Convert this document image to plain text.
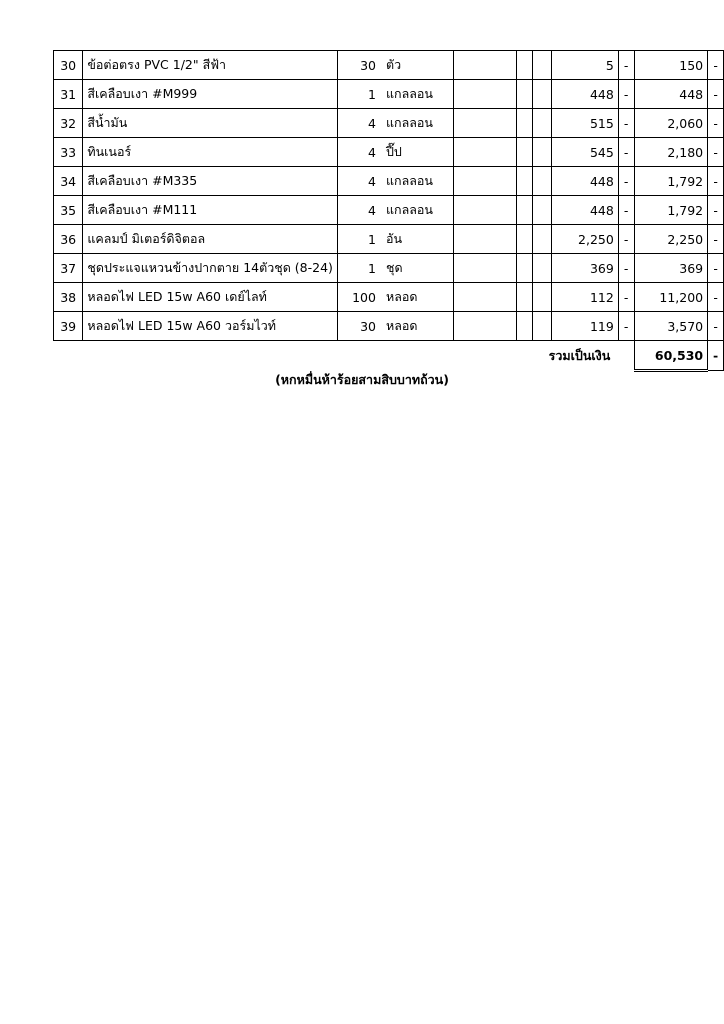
30	ข้อต่อตรง PVC 1/2" สีฟ้า	30	ตัว				5	-	150	-
31	สีเคลือบเงา #M999	1	แกลลอน				448	-	448	-
32	สีน้ำมัน	4	แกลลอน				515	-	2,060	-
33	ทินเนอร์	4	ปี๊ป				545	-	2,180	-
34	สีเคลือบเงา #M335	4	แกลลอน				448	-	1,792	-
35	สีเคลือบเงา #M111	4	แกลลอน				448	-	1,792	-
36	แคลมป์ มิเตอร์ดิจิตอล	1	อัน				2,250	-	2,250	-
37	ชุดประแจแหวนข้างปากตาย 14ตัวชุด (8-24)	1	ชุด				369	-	369	-
38	หลอดไฟ LED 15w A60 เดย์ไลท์	100	หลอด				112	-	11,200	-
39	หลอดไฟ LED 15w A60 วอร์มไวท์	30	หลอด				119	-	3,570	-
รวมเป็นเงิน									60,530	-
(หกหมื่นห้าร้อยสามสิบบาทถ้วน)
